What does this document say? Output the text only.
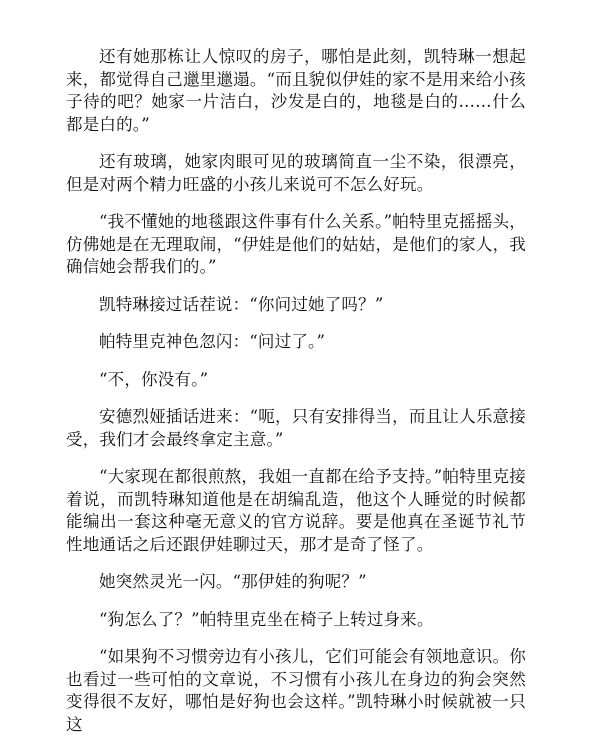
还有她那栋让人惊叹的房子，哪怕是此刻，凯特琳一想起来，都觉得自己邋里邋遢。“而且貌似伊娃的家不是用来给小孩子待的吧？她家一片洁白，沙发是白的，地毯是白的……什么都是白的。”

还有玻璃，她家肉眼可见的玻璃简直一尘不染，很漂亮，但是对两个精力旺盛的小孩儿来说可不怎么好玩。

“我不懂她的地毯跟这件事有什么关系。”帕特里克摇摇头，仿佛她是在无理取闹，“伊娃是他们的姑姑，是他们的家人，我确信她会帮我们的。”

凯特琳接过话茬说：“你问过她了吗？”

帕特里克神色忽闪：“问过了。”

“不，你没有。”

安德烈娅插话进来：“呃，只有安排得当，而且让人乐意接受，我们才会最终拿定主意。”

“大家现在都很煎熬，我姐一直都在给予支持。”帕特里克接着说，而凯特琳知道他是在胡编乱造，他这个人睡觉的时候都能编出一套这种毫无意义的官方说辞。要是他真在圣诞节礼节性地通话之后还跟伊娃聊过天，那才是奇了怪了。

她突然灵光一闪。“那伊娃的狗呢？”

“狗怎么了？”帕特里克坐在椅子上转过身来。

“如果狗不习惯旁边有小孩儿，它们可能会有领地意识。你也看过一些可怕的文章说，不习惯有小孩儿在身边的狗会突然变得很不友好，哪怕是好狗也会这样。”凯特琳小时候就被一只这
